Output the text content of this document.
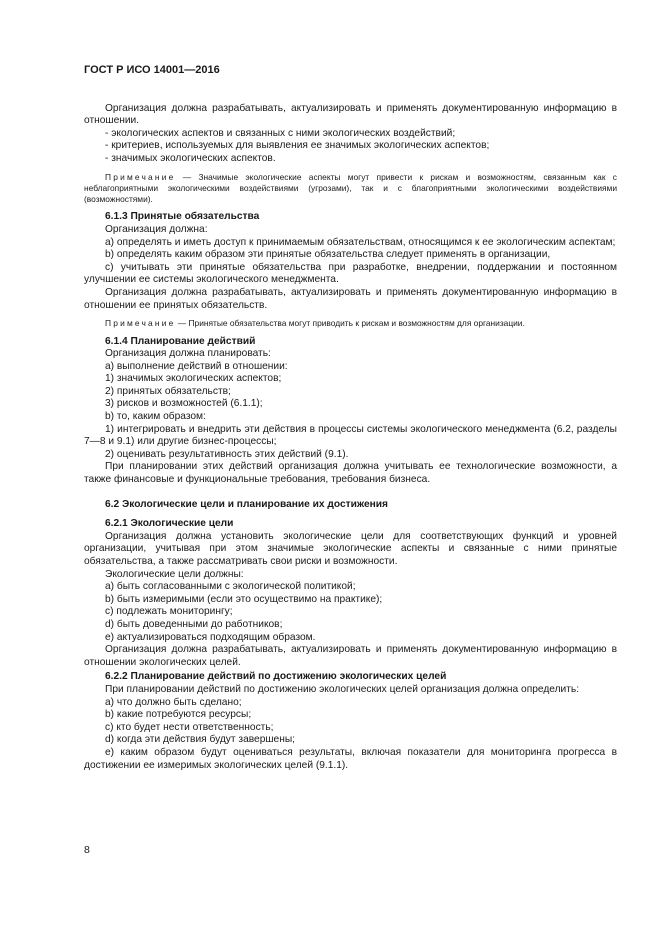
ГОСТ Р ИСО 14001—2016

Организация должна разрабатывать, актуализировать и применять документированную информацию в отношении.

- экологических аспектов и связанных с ними экологических воздействий;

- критериев, используемых для выявления ее значимых экологических аспектов;

- значимых экологических аспектов.

Примечание — Значимые экологические аспекты могут привести к рискам и возможностям, связанным как с неблагоприятными экологическими воздействиями (угрозами), так и с благоприятными экологическими воздействиями (возможностями).

6.1.3 Принятые обязательства

Организация должна:

a) определять и иметь доступ к принимаемым обязательствам, относящимся к ее экологическим аспектам;

b) определять каким образом эти принятые обязательства следует применять в организации,

c) учитывать эти принятые обязательства при разработке, внедрении, поддержании и постоянном улучшении ее системы экологического менеджмента.

Организация должна разрабатывать, актуализировать и применять документированную информацию в отношении ее принятых обязательств.

Примечание — Принятые обязательства могут приводить к рискам и возможностям для организации.

6.1.4 Планирование действий

Организация должна планировать:

a) выполнение действий в отношении:

1) значимых экологических аспектов;

2) принятых обязательств;

3) рисков и возможностей (6.1.1);

b) то, каким образом:

1) интегрировать и внедрить эти действия в процессы системы экологического менеджмента (6.2, разделы 7—8 и 9.1) или другие бизнес-процессы;

2) оценивать результативность этих действий (9.1).

При планировании этих действий организация должна учитывать ее технологические возможности, а также финансовые и функциональные требования, требования бизнеса.

6.2 Экологические цели и планирование их достижения

6.2.1 Экологические цели

Организация должна установить экологические цели для соответствующих функций и уровней организации, учитывая при этом значимые экологические аспекты и связанные с ними принятые обязательства, а также рассматривать свои риски и возможности.

Экологические цели должны:

a) быть согласованными с экологической политикой;

b) быть измеримыми (если это осуществимо на практике);

c) подлежать мониторингу;

d) быть доведенными до работников;

e) актуализироваться подходящим образом.

Организация должна разрабатывать, актуализировать и применять документированную информацию в отношении экологических целей.

6.2.2 Планирование действий по достижению экологических целей

При планировании действий по достижению экологических целей организация должна определить:

a) что должно быть сделано;

b) какие потребуются ресурсы;

c) кто будет нести ответственность;

d) когда эти действия будут завершены;

e) каким образом будут оцениваться результаты, включая показатели для мониторинга прогресса в достижении ее измеримых экологических целей (9.1.1).

8
